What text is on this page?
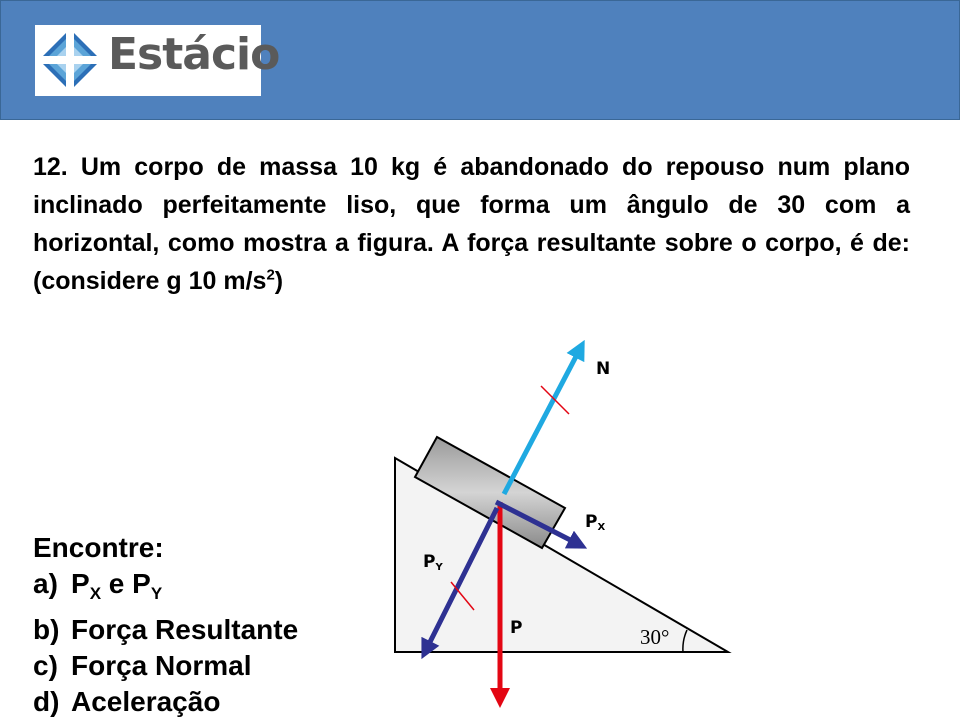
Estácio
12. Um corpo de massa 10 kg é abandonado do repouso num plano inclinado perfeitamente liso, que forma um ângulo de 30 com a horizontal, como mostra a figura. A força resultante sobre o corpo, é de: (considere g 10 $m/s^2$)
30°
N
P
$P_X$
$P_Y$
Encontre:
a) $P_X$ e $P_Y$
b) Força Resultante
c) Força Normal
d) Aceleração
